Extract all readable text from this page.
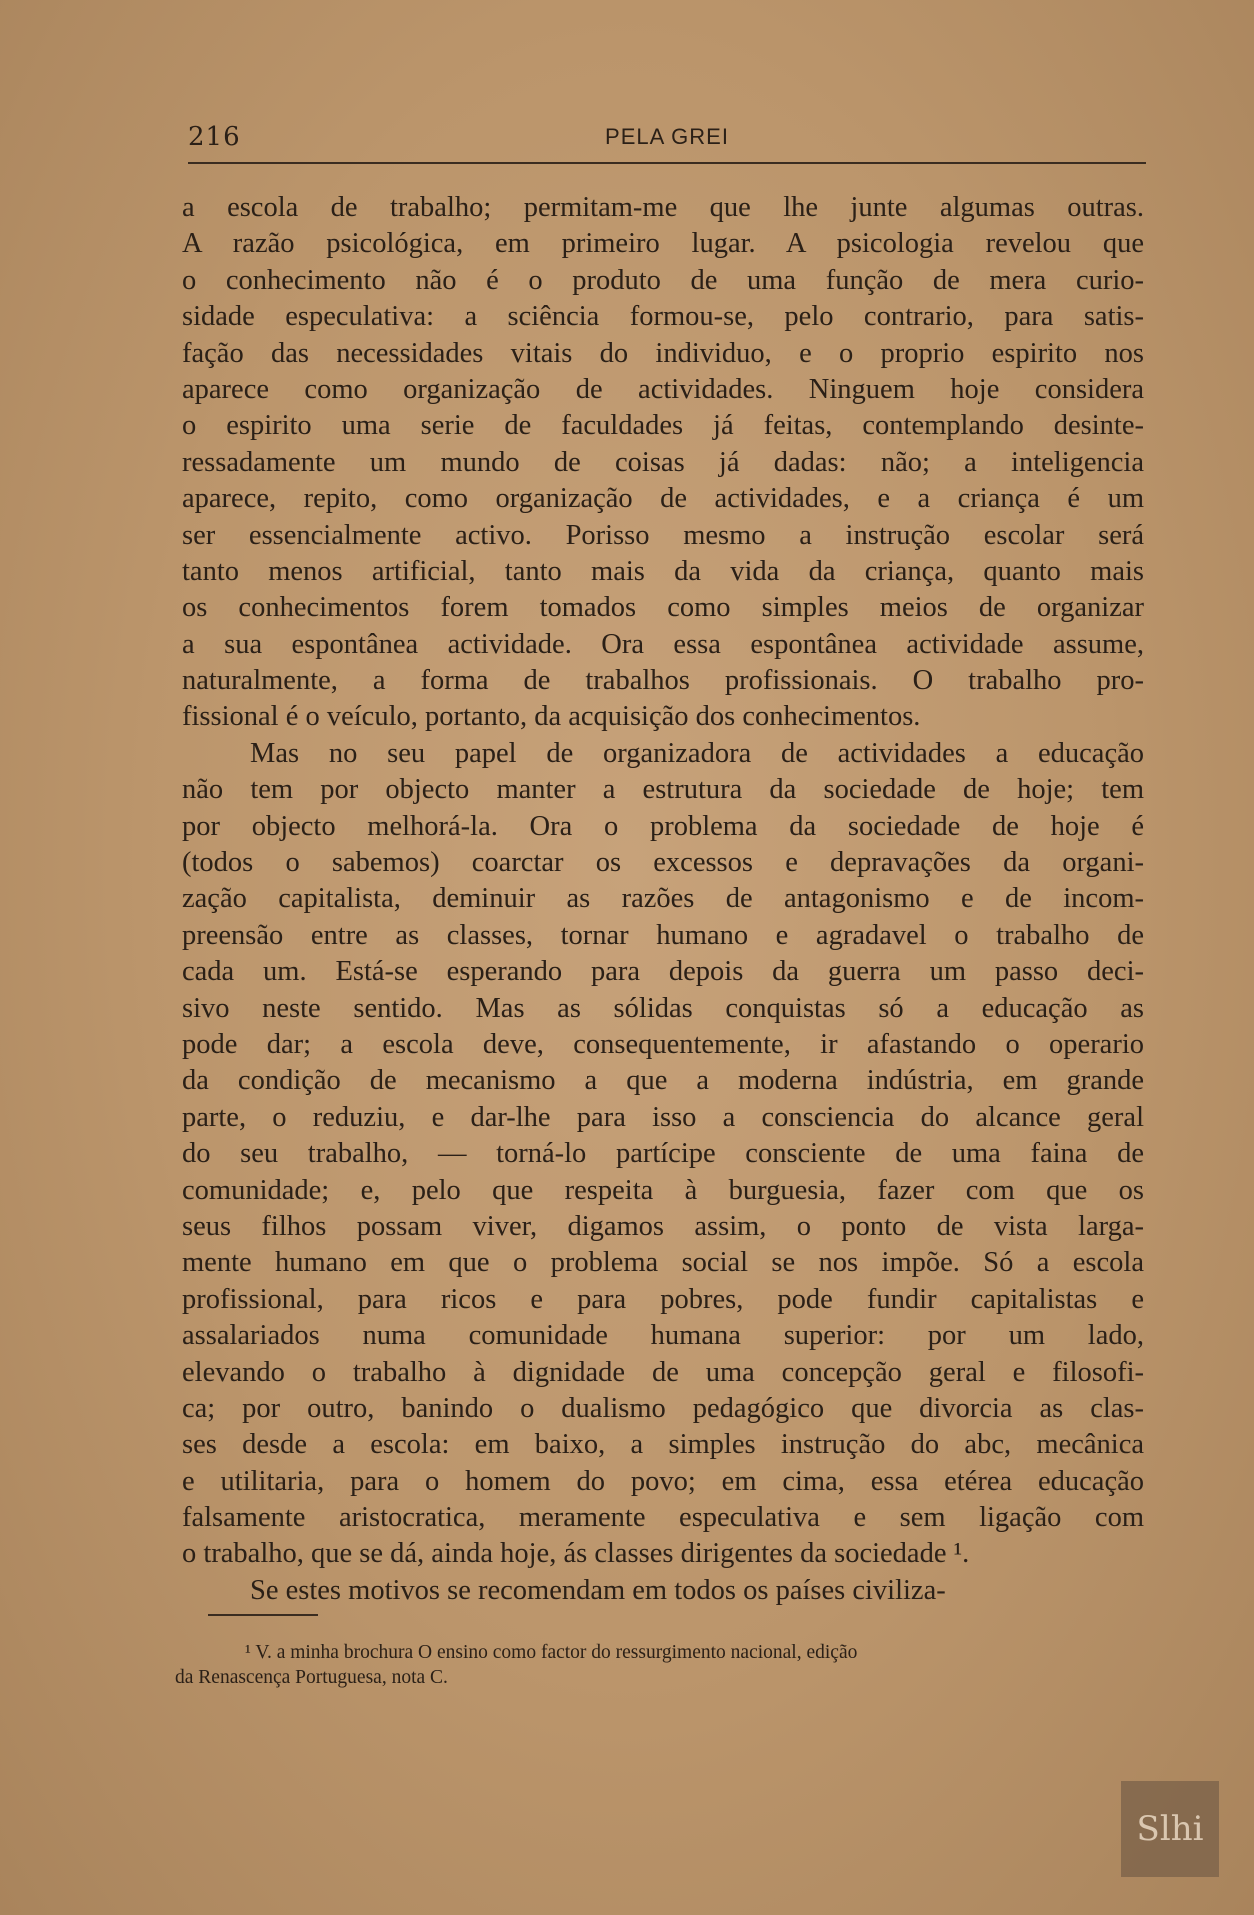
216	PELA GREI
a escola de trabalho; permitam-me que lhe junte algumas outras.
A razão psicológica, em primeiro lugar. A psicologia revelou que
o conhecimento não é o produto de uma função de mera curio-
sidade especulativa: a sciência formou-se, pelo contrario, para satis-
fação das necessidades vitais do individuo, e o proprio espirito nos
aparece como organização de actividades. Ninguem hoje considera
o espirito uma serie de faculdades já feitas, contemplando desinte-
ressadamente um mundo de coisas já dadas: não; a inteligencia
aparece, repito, como organização de actividades, e a criança é um
ser essencialmente activo. Porisso mesmo a instrução escolar será
tanto menos artificial, tanto mais da vida da criança, quanto mais
os conhecimentos forem tomados como simples meios de organizar
a sua espontânea actividade. Ora essa espontânea actividade assume,
naturalmente, a forma de trabalhos profissionais. O trabalho pro-
fissional é o veículo, portanto, da acquisição dos conhecimentos.
Mas no seu papel de organizadora de actividades a educação
não tem por objecto manter a estrutura da sociedade de hoje; tem
por objecto melhorá-la. Ora o problema da sociedade de hoje é
(todos o sabemos) coarctar os excessos e depravações da organi-
zação capitalista, deminuir as razões de antagonismo e de incom-
preensão entre as classes, tornar humano e agradavel o trabalho de
cada um. Está-se esperando para depois da guerra um passo deci-
sivo neste sentido. Mas as sólidas conquistas só a educação as
pode dar; a escola deve, consequentemente, ir afastando o operario
da condição de mecanismo a que a moderna indústria, em grande
parte, o reduziu, e dar-lhe para isso a consciencia do alcance geral
do seu trabalho, — torná-lo partícipe consciente de uma faina de
comunidade; e, pelo que respeita à burguesia, fazer com que os
seus filhos possam viver, digamos assim, o ponto de vista larga-
mente humano em que o problema social se nos impõe. Só a escola
profissional, para ricos e para pobres, pode fundir capitalistas e
assalariados numa comunidade humana superior: por um lado,
elevando o trabalho à dignidade de uma concepção geral e filosofi-
ca; por outro, banindo o dualismo pedagógico que divorcia as clas-
ses desde a escola: em baixo, a simples instrução do abc, mecânica
e utilitaria, para o homem do povo; em cima, essa etérea educação
falsamente aristocratica, meramente especulativa e sem ligação com
o trabalho, que se dá, ainda hoje, ás classes dirigentes da sociedade ¹.
Se estes motivos se recomendam em todos os países civiliza-
¹ V. a minha brochura O ensino como factor do ressurgimento nacional, edição
da Renascença Portuguesa, nota C.
Slhi
